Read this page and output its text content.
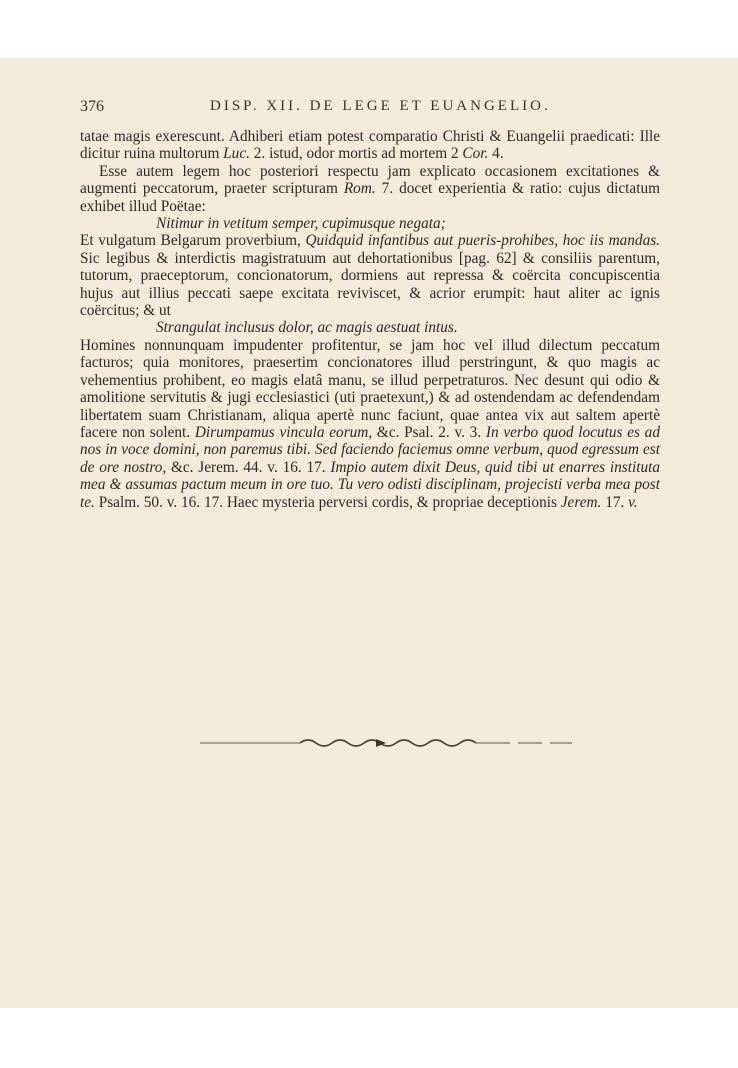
376	DISP. XII. DE LEGE ET EUANGELIO.

tatae magis exerescunt. Adhiberi etiam potest comparatio Christi & Euangelii praedicati: Ille dicitur ruina multorum Luc. 2. istud, odor mortis ad mortem 2 Cor. 4.

Esse autem legem hoc posteriori respectu jam explicato occasionem excitationes & augmenti peccatorum, praeter scripturam Rom. 7. docet experientia & ratio: cujus dictatum exhibet illud Poëtae:

Nitimur in vetitum semper, cupimusque negata;

Et vulgatum Belgarum proverbium, Quidquid infantibus aut pueris-prohibes, hoc iis mandas. Sic legibus & interdictis magistratuum aut dehortationibus [pag. 62] & consiliis parentum, tutorum, praeceptorum, concionatorum, dormiens aut repressa & coërcita concupiscentia hujus aut illius peccati saepe excitata reviviscet, & acrior erumpit: haut aliter ac ignis coërcitus; & ut

Strangulat inclusus dolor, ac magis aestuat intus.

Homines nonnunquam impudenter profitentur, se jam hoc vel illud dilectum peccatum facturos; quia monitores, praesertim concionatores illud perstringunt, & quo magis ac vehementius prohibent, eo magis elatâ manu, se illud perpetraturos. Nec desunt qui odio & amolitione servitutis & jugi ecclesiastici (uti praetexunt,) & ad ostendendam ac defendendam libertatem suam Christianam, aliqua apertè nunc faciunt, quae antea vix aut saltem apertè facere non solent. Dirumpamus vincula eorum, &c. Psal. 2. v. 3. In verbo quod locutus es ad nos in voce domini, non paremus tibi. Sed faciendo faciemus omne verbum, quod egressum est de ore nostro, &c. Jerem. 44. v. 16. 17. Impio autem dixit Deus, quid tibi ut enarres instituta mea & assumas pactum meum in ore tuo. Tu vero odisti disciplinam, projecisti verba mea post te. Psalm. 50. v. 16. 17. Haec mysteria perversi cordis, & propriae deceptionis Jerem. 17. v.
